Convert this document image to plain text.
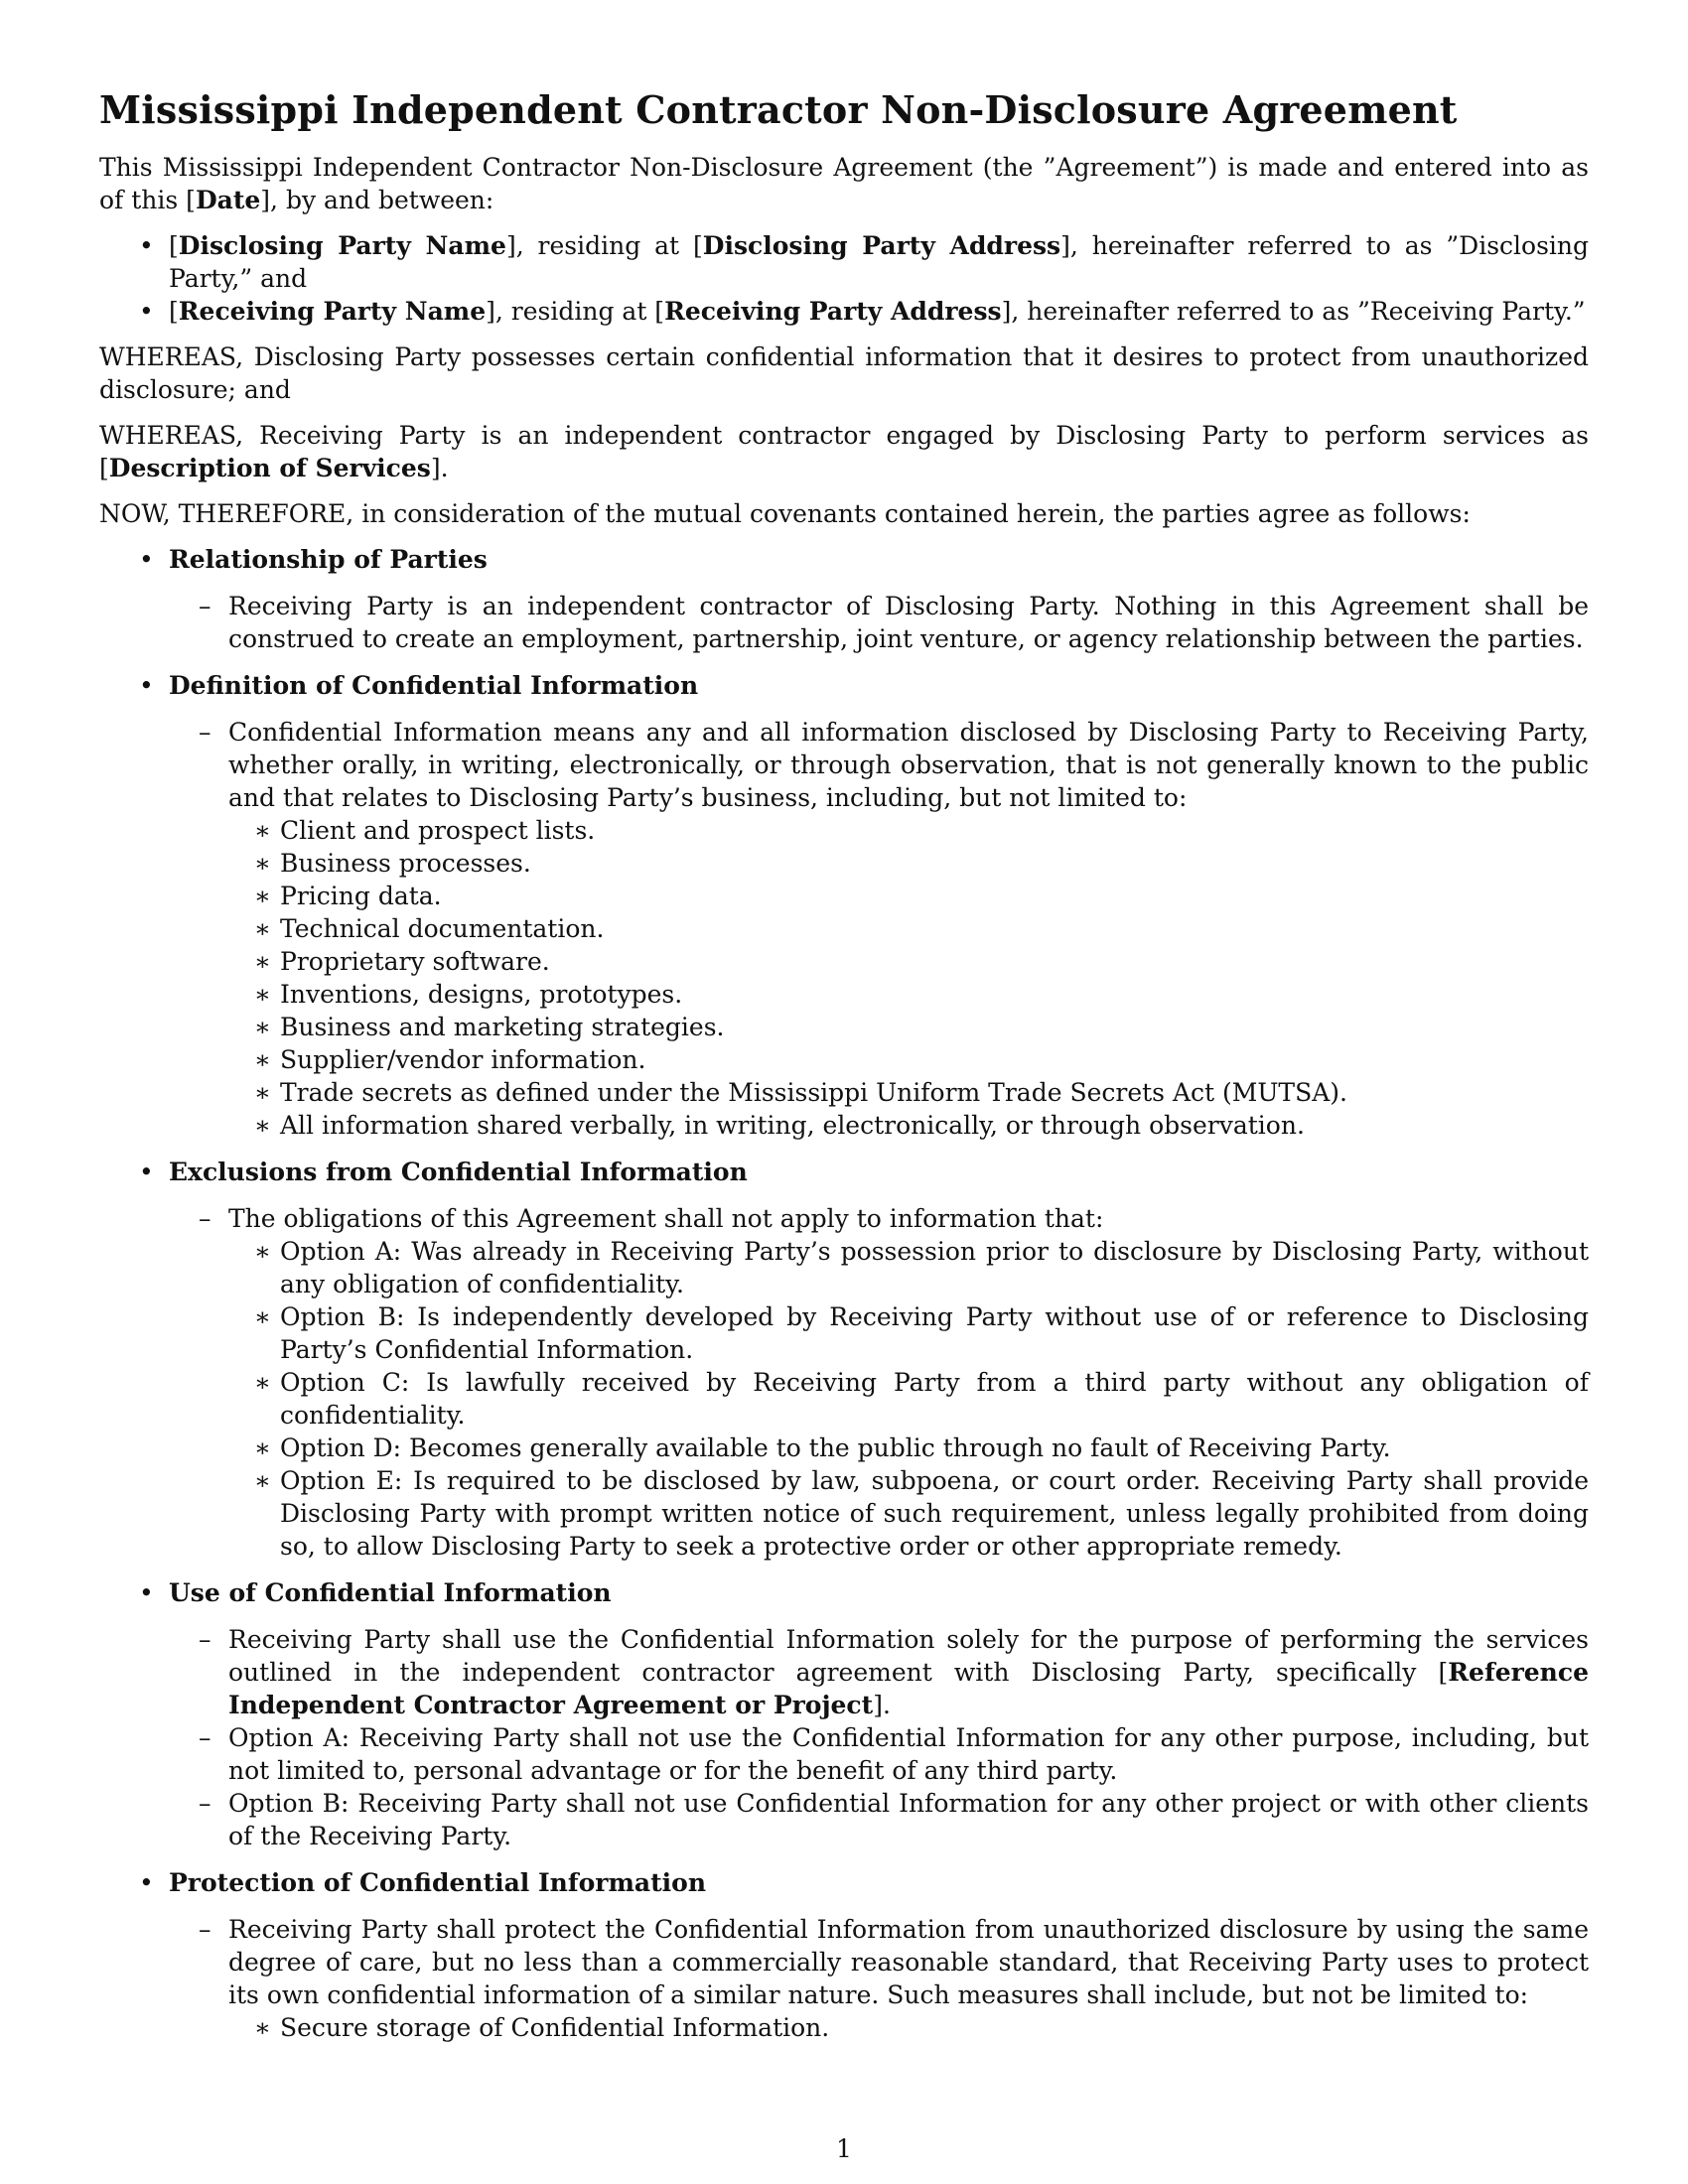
Mississippi Independent Contractor Non-Disclosure Agreement

This Mississippi Independent Contractor Non-Disclosure Agreement (the ”Agreement”) is made and entered into as of this [Date], by and between:

• [Disclosing Party Name], residing at [Disclosing Party Address], hereinafter referred to as ”Disclosing Party,” and
• [Receiving Party Name], residing at [Receiving Party Address], hereinafter referred to as ”Receiving Party.”

WHEREAS, Disclosing Party possesses certain confidential information that it desires to protect from unauthorized disclosure; and

WHEREAS, Receiving Party is an independent contractor engaged by Disclosing Party to perform services as [Description of Services].

NOW, THEREFORE, in consideration of the mutual covenants contained herein, the parties agree as follows:

• Relationship of Parties
– Receiving Party is an independent contractor of Disclosing Party. Nothing in this Agreement shall be construed to create an employment, partnership, joint venture, or agency relationship between the parties.
• Definition of Confidential Information
– Confidential Information means any and all information disclosed by Disclosing Party to Receiving Party, whether orally, in writing, electronically, or through observation, that is not generally known to the public and that relates to Disclosing Party’s business, including, but not limited to:
∗ Client and prospect lists.
∗ Business processes.
∗ Pricing data.
∗ Technical documentation.
∗ Proprietary software.
∗ Inventions, designs, prototypes.
∗ Business and marketing strategies.
∗ Supplier/vendor information.
∗ Trade secrets as defined under the Mississippi Uniform Trade Secrets Act (MUTSA).
∗ All information shared verbally, in writing, electronically, or through observation.
• Exclusions from Confidential Information
– The obligations of this Agreement shall not apply to information that:
∗ Option A: Was already in Receiving Party’s possession prior to disclosure by Disclosing Party, without any obligation of confidentiality.
∗ Option B: Is independently developed by Receiving Party without use of or reference to Disclosing Party’s Confidential Information.
∗ Option C: Is lawfully received by Receiving Party from a third party without any obligation of confidentiality.
∗ Option D: Becomes generally available to the public through no fault of Receiving Party.
∗ Option E: Is required to be disclosed by law, subpoena, or court order. Receiving Party shall provide Disclosing Party with prompt written notice of such requirement, unless legally prohibited from doing so, to allow Disclosing Party to seek a protective order or other appropriate remedy.
• Use of Confidential Information
– Receiving Party shall use the Confidential Information solely for the purpose of performing the services outlined in the independent contractor agreement with Disclosing Party, specifically [Reference Independent Contractor Agreement or Project].
– Option A: Receiving Party shall not use the Confidential Information for any other purpose, including, but not limited to, personal advantage or for the benefit of any third party.
– Option B: Receiving Party shall not use Confidential Information for any other project or with other clients of the Receiving Party.
• Protection of Confidential Information
– Receiving Party shall protect the Confidential Information from unauthorized disclosure by using the same degree of care, but no less than a commercially reasonable standard, that Receiving Party uses to protect its own confidential information of a similar nature. Such measures shall include, but not be limited to:
∗ Secure storage of Confidential Information.
1
